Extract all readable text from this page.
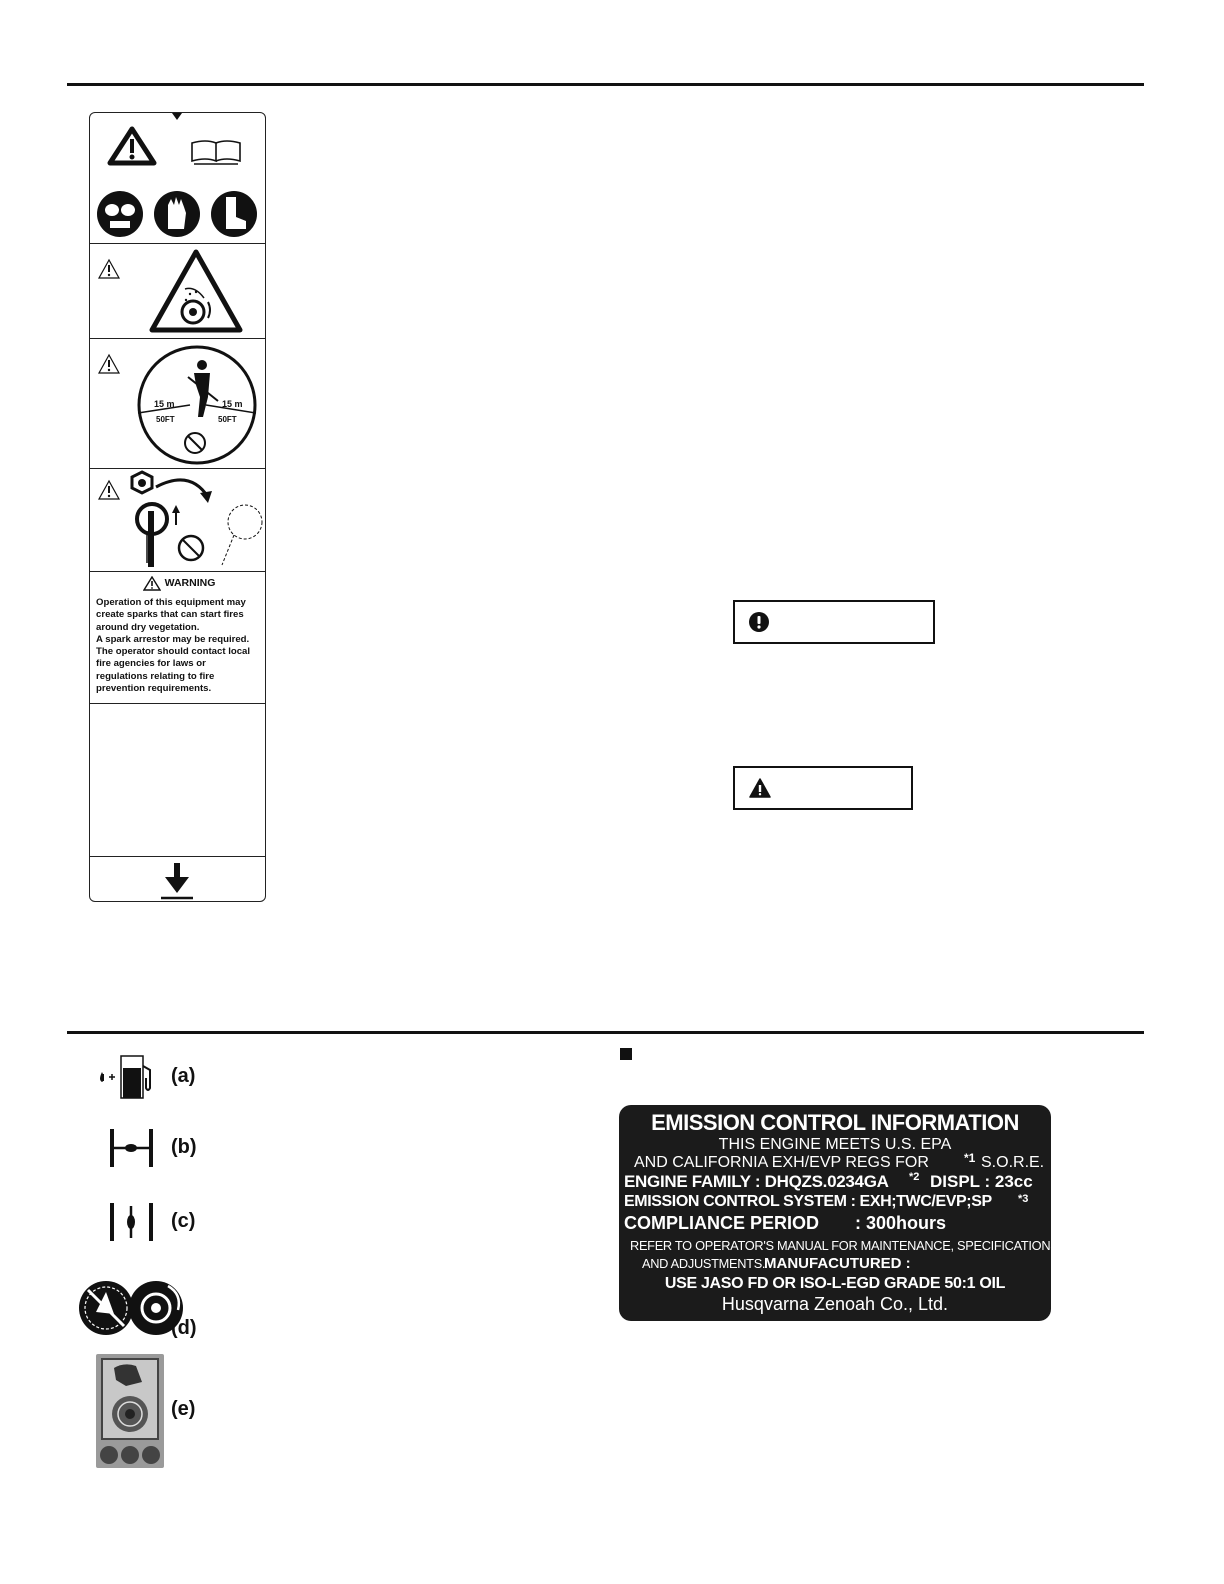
15 m
50FT
15 m
50FT
WARNING
Operation of this equipment may
create sparks that can start fires
around dry vegetation.
A spark arrestor may be required.
The operator should contact local
fire agencies for laws or
regulations relating to fire
prevention requirements.
(a)
(b)
(c)
(d)
(e)
EMISSION CONTROL INFORMATION
THIS ENGINE MEETS U.S. EPA
AND CALIFORNIA EXH/EVP REGS FOR	*1 S.O.R.E.
ENGINE FAMILY : DHQZS.0234GA *2 DISPL : 23cc
EMISSION CONTROL SYSTEM : EXH;TWC/EVP;SP *3
COMPLIANCE PERIOD : 300hours
REFER TO OPERATOR'S MANUAL FOR MAINTENANCE, SPECIFICATIONS
AND ADJUSTMENTS.
MANUFACUTURED :
USE JASO FD OR ISO-L-EGD GRADE 50:1 OIL
Husqvarna Zenoah Co., Ltd.
